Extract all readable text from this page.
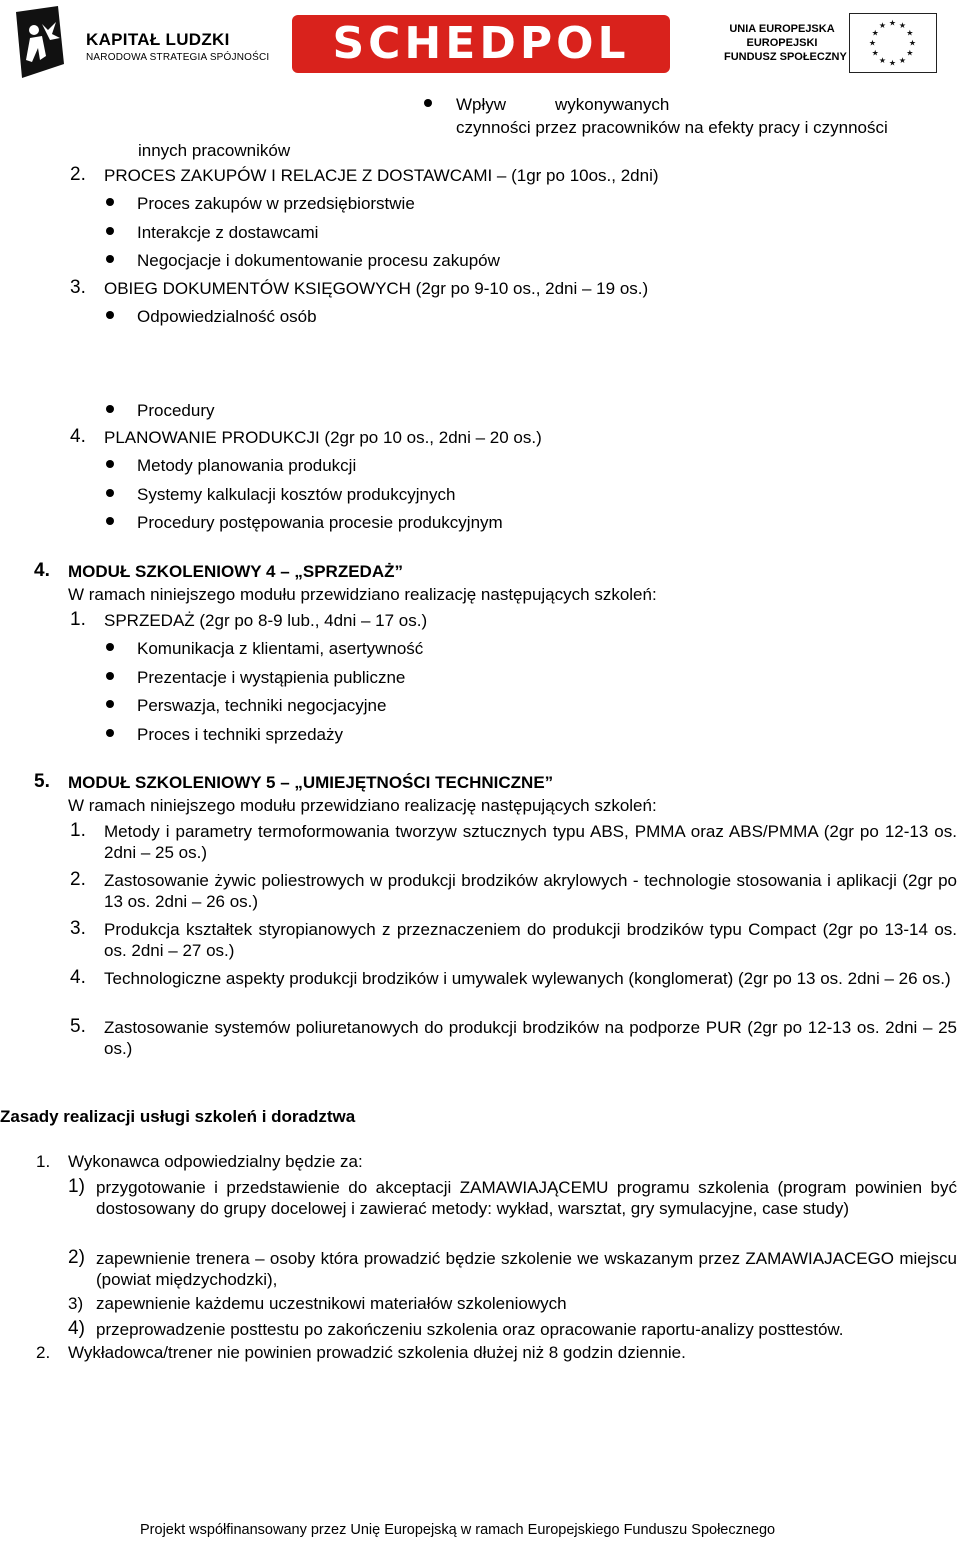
KAPITAŁ LUDZKI
NARODOWA STRATEGIA SPÓJNOŚCI	SCHEDPOL	UNIA EUROPEJSKA
EUROPEJSKI
FUNDUSZ SPOŁECZNY
★ ★
★
★
★
★
★
★
★
★
★
★
Wpływ	wykonywanych
czynności przez pracowników na efekty pracy i czynności
innych pracowników
2. PROCES ZAKUPÓW I RELACJE Z DOSTAWCAMI – (1gr po 10os., 2dni)
Proces zakupów w przedsiębiorstwie
Interakcje z dostawcami
Negocjacje i dokumentowanie procesu zakupów
3. OBIEG DOKUMENTÓW KSIĘGOWYCH (2gr po 9-10 os., 2dni – 19 os.)
Odpowiedzialność osób
Procedury
4. PLANOWANIE PRODUKCJI (2gr po 10 os., 2dni – 20 os.)
Metody planowania produkcji
Systemy kalkulacji kosztów produkcyjnych
Procedury postępowania procesie produkcyjnym
4. MODUŁ SZKOLENIOWY 4 – „SPRZEDAŻ”
W ramach niniejszego modułu przewidziano realizację następujących szkoleń:
1. SPRZEDAŻ (2gr po 8-9 lub., 4dni – 17 os.)
Komunikacja z klientami, asertywność
Prezentacje i wystąpienia publiczne
Perswazja, techniki negocjacyjne
Proces i techniki sprzedaży
5. MODUŁ SZKOLENIOWY 5 – „UMIEJĘTNOŚCI TECHNICZNE”
W ramach niniejszego modułu przewidziano realizację następujących szkoleń:
1. Metody i parametry termoformowania tworzyw sztucznych typu ABS, PMMA oraz ABS/PMMA (2gr po 12-13 os. 2dni – 25 os.)
2. Zastosowanie żywic poliestrowych w produkcji brodzików akrylowych - technologie stosowania i aplikacji (2gr po 13 os. 2dni – 26 os.)
3. Produkcja kształtek styropianowych z przeznaczeniem do produkcji brodzików typu Compact (2gr po 13-14 os. os. 2dni – 27 os.)
4. Technologiczne aspekty produkcji brodzików i umywalek wylewanych (konglomerat) (2gr po 13 os. 2dni – 26 os.)
5. Zastosowanie systemów poliuretanowych do produkcji brodzików na podporze PUR (2gr po 12-13 os. 2dni – 25 os.)
Zasady realizacji usługi szkoleń i doradztwa
1. Wykonawca odpowiedzialny będzie za:
1) przygotowanie i przedstawienie do akceptacji ZAMAWIAJĄCEMU programu szkolenia (program powinien być dostosowany do grupy docelowej i zawierać metody: wykład, warsztat, gry symulacyjne, case study)
2) zapewnienie trenera – osoby która prowadzić będzie szkolenie we wskazanym przez ZAMAWIAJACEGO miejscu (powiat międzychodzki),
3) zapewnienie każdemu uczestnikowi materiałów szkoleniowych
4) przeprowadzenie posttestu po zakończeniu szkolenia oraz opracowanie raportu-analizy posttestów.
2. Wykładowca/trener nie powinien prowadzić szkolenia dłużej niż 8 godzin dziennie.
Projekt współfinansowany przez Unię Europejską w ramach Europejskiego Funduszu Społecznego
